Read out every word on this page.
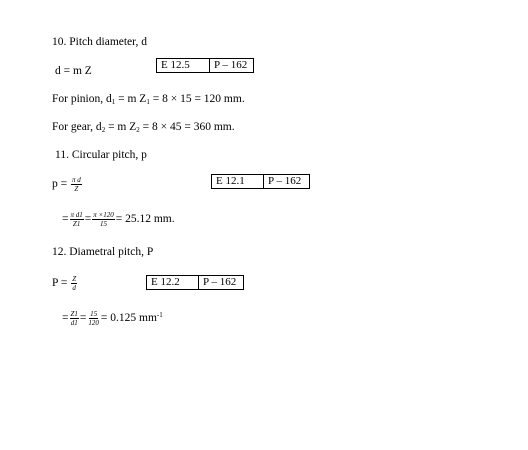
10. Pitch diameter, d
d = m Z	E 12.5	P – 162
For pinion, $d_1 = m$ $Z_1 = 8 \times 15 = 120$ mm.
For gear, $d_2 = m$ $Z_2 = 8 \times 45 = 360$ mm.
11. Circular pitch, p
$p = \frac{\text{π d}}{Z}$	E 12.1	P – 162
= $\frac{\text{π d1}}{Z1} = \frac{\pi \times 120}{15} = 25.12$ mm.
12. Diametral pitch, P
$P = \frac{Z}{d}$	E 12.2	P – 162
= $\frac{Z1}{d1} = \frac{15}{120} = 0.125$ $mm^{-1}$
